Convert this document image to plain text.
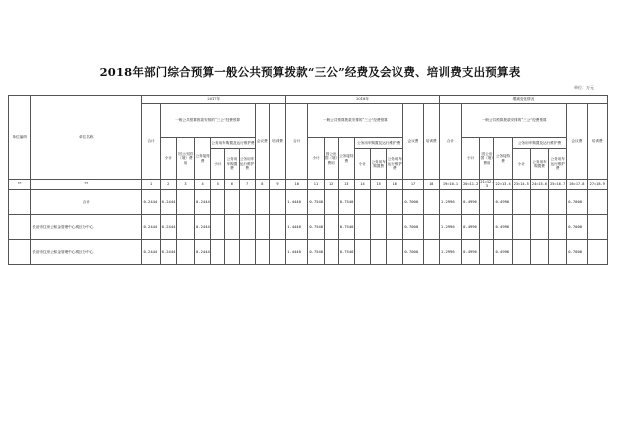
2018年部门综合预算一般公共预算拨款“三公”经费及会议费、培训费支出预算表
单位：万元
单位编码	单位名称	2017年									2018年									增减变化情况								
		合计	一般公共预算拨款安排的“三公”经费预算						会议费	培训费	合计	一般公共预算拨款安排的“三公”经费预算						会议费	培训费	合计	一般公共预算拨款安排的“三公”经费预算						会议费	培训费
			小计	因公出国（境）费用	公务接待费	公务用车购置及运行维护费						小计	因公出国（境）费用	公务接待费	公务用车购置及运行维护费						小计	因公出国（境）费用	公务接待费	公务用车购置及运行维护费				
						小计	公务用车购置费	公务用车运行维护费							小计	公务用车购置费	公务用车运行维护费							小计	公务用车购置费	公务用车运行维护费		
**	**	1	2	3	4	5	6	7	8	9	10	11	12	13	14	15	16	17	18	19=10-1	20=11-2	21=12-3	22=13-4	23=14-5	24=15-6	25=16-7	26=17-8	27=18-9
	合计	0.2444	0.2444		0.2444						1.4440	0.7540		0.7540				0.7000		1.2996	0.4996		0.4996				0.7000	
	长治市住房公积金管理中心城区分中心	0.2444	0.2444		0.2444						1.4440	0.7540		0.7540				0.7000		1.2996	0.4996		0.4996				0.7000	
	长治市住房公积金管理中心城区分中心	0.2444	0.2444		0.2444						1.4440	0.7540		0.7540				0.7000		1.2996	0.4996		0.4996				0.7000	
